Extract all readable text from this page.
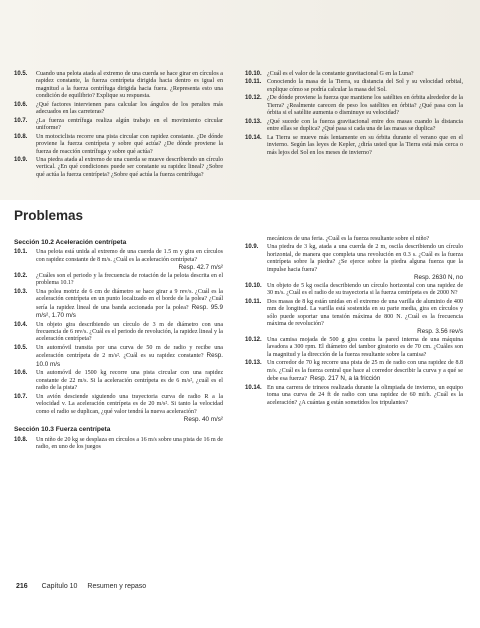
10.5.	Cuando una pelota atada al extremo de una cuerda se hace girar en círculos a rapidez constante, la fuerza centrípeta dirigida hacia dentro es igual en magnitud a la fuerza centrífuga dirigida hacia fuera. ¿Representa esto una condición de equilibrio? Explique su respuesta.
10.6.	¿Qué factores intervienen para calcular los ángulos de los peraltes más adecuados en las carreteras?
10.7.	¿La fuerza centrífuga realiza algún trabajo en el movimiento circular uniforme?
10.8.	Un motociclista recorre una pista circular con rapidez constante. ¿De dónde proviene la fuerza centrípeta y sobre qué actúa? ¿De dónde proviene la fuerza de reacción centrífuga y sobre qué actúa?
10.9.	Una piedra atada al extremo de una cuerda se mueve describiendo un círculo vertical. ¿En qué condiciones puede ser constante su rapidez lineal? ¿Sobre qué actúa la fuerza centrípeta? ¿Sobre qué actúa la fuerza centrífuga?
10.10. ¿Cuál es el valor de la constante gravitacional G en la Luna?
10.11. Conociendo la masa de la Tierra, su distancia del Sol y su velocidad orbital, explique cómo se podría calcular la masa del Sol.
10.12. ¿De dónde proviene la fuerza que mantiene los satélites en órbita alrededor de la Tierra? ¿Realmente carecen de peso los satélites en órbita? ¿Qué pasa con la órbita si el satélite aumenta o disminuye su velocidad?
10.13. ¿Qué sucede con la fuerza gravitacional entre dos masas cuando la distancia entre ellas se duplica? ¿Qué pasa si cada una de las masas se duplica?
10.14. La Tierra se mueve más lentamente en su órbita durante el verano que en el invierno. Según las leyes de Kepler, ¿diría usted que la Tierra está más cerca o más lejos del Sol en los meses de invierno?
Problemas
Sección 10.2 Aceleración centrípeta
10.1.	Una pelota está unida al extremo de una cuerda de 1.5 m y gira en círculos con rapidez constante de 8 m/s. ¿Cuál es la aceleración centrípeta?
Resp. 42.7 m/s²
10.2.	¿Cuáles son el periodo y la frecuencia de rotación de la pelota descrita en el problema 10.1?
10.3.	Una polea motriz de 6 cm de diámetro se hace girar a 9 rev/s. ¿Cuál es la aceleración centrípeta en un punto localizado en el borde de la polea? ¿Cuál sería la rapidez lineal de una banda accionada por la polea? Resp. 95.9 m/s², 1.70 m/s
10.4.	Un objeto gira describiendo un círculo de 3 m de diámetro con una frecuencia de 6 rev/s. ¿Cuál es el periodo de revolución, la rapidez lineal y la aceleración centrípeta?
10.5.	Un automóvil transita por una curva de 50 m de radio y recibe una aceleración centrípeta de 2 m/s². ¿Cuál es su rapidez constante? Resp. 10.0 m/s
10.6.	Un automóvil de 1500 kg recorre una pista circular con una rapidez constante de 22 m/s. Si la aceleración centrípeta es de 6 m/s², ¿cuál es el radio de la pista?
10.7.	Un avión desciende siguiendo una trayectoria curva de radio R a la velocidad v. La aceleración centrípeta es de 20 m/s². Si tanto la velocidad como el radio se duplican, ¿qué valor tendrá la nueva aceleración?
Resp. 40 m/s²
Sección 10.3 Fuerza centrípeta
10.8.	Un niño de 20 kg se desplaza en círculos a 16 m/s sobre una pista de 16 m de radio, en uno de los juegos
mecánicos de una feria. ¿Cuál es la fuerza resultante sobre el niño?
10.9.	Una piedra de 3 kg, atada a una cuerda de 2 m, oscila describiendo un círculo horizontal, de manera que completa una revolución en 0.3 s. ¿Cuál es la fuerza centrípeta sobre la piedra? ¿Se ejerce sobre la piedra alguna fuerza que la impulse hacia fuera?
Resp. 2630 N, no
10.10. Un objeto de 5 kg oscila describiendo un círculo horizontal con una rapidez de 30 m/s. ¿Cuál es el radio de su trayectoria si la fuerza centrípeta es de 2000 N?
10.11. Dos masas de 8 kg están unidas en el extremo de una varilla de aluminio de 400 mm de longitud. La varilla está sostenida en su parte media, gira en círculos y sólo puede soportar una tensión máxima de 800 N. ¿Cuál es la frecuencia máxima de revolución?
Resp. 3.56 rev/s
10.12. Una camisa mojada de 500 g gira contra la pared interna de una máquina lavadora a 300 rpm. El diámetro del tambor giratorio es de 70 cm. ¿Cuáles son la magnitud y la dirección de la fuerza resultante sobre la camisa?
10.13. Un corredor de 70 kg recorre una pista de 25 m de radio con una rapidez de 8.8 m/s. ¿Cuál es la fuerza central que hace al corredor describir la curva y a qué se debe esa fuerza? Resp. 217 N, a la fricción
10.14. En una carrera de trineos realizada durante la olimpiada de invierno, un equipo toma una curva de 24 ft de radio con una rapidez de 60 mi/h. ¿Cuál es la aceleración? ¿A cuántas g están sometidos los tripulantes?
216 Capítulo 10 Resumen y repaso
